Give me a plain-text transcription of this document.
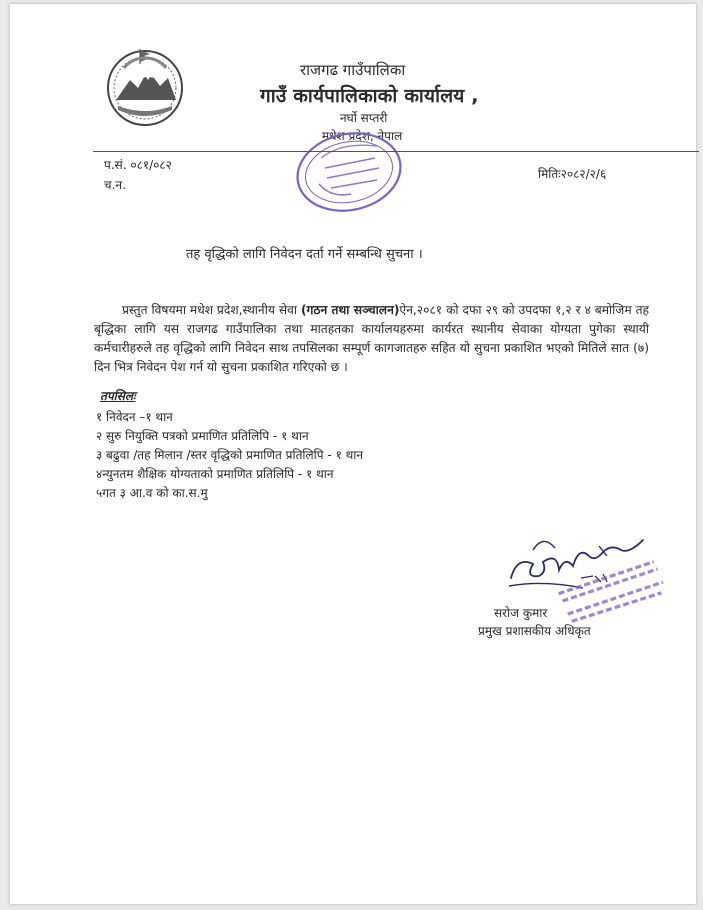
राजगढ गाउँपालिका
गाउँ कार्यपालिकाको कार्यालय ,
नर्घो सप्तरी
मधेश प्रदेश, नेपाल
प.सं. ०८१/०८२
च.न.
मितिः२०८२/२/६
तह वृद्धिको लागि निवेदन दर्ता गर्ने सम्बन्धि सुचना ।
प्रस्तुत विषयमा मधेश प्रदेश,स्थानीय सेवा (गठन तथा सञ्चालन)ऐन,२०८१ को दफा २९ को उपदफा १,२ र ४ बमोजिम तह बृद्धिका लागि यस राजगढ गाउँपालिका तथा मातहतका कार्यालयहरुमा कार्यरत स्थानीय सेवाका योग्यता पुगेका स्थायी कर्मचारीहरुले तह वृद्धिको लागि निवेदन साथ तपसिलका सम्पूर्ण कागजातहरु सहित यो सुचना प्रकाशित भएको मितिले सात (७) दिन भित्र निवेदन पेश गर्न यो सुचना प्रकाशित गरिएको छ ।
तपसिलः
१ निवेदन –१ थान
२ सुरु नियुक्ति पत्रको प्रमाणित प्रतिलिपि - १ थान
३ बढुवा /तह मिलान /स्तर वृद्धिको प्रमाणित प्रतिलिपि - १ थान
४न्युनतम शैक्षिक योग्यताको प्रमाणित प्रतिलिपि - १ थान
५गत ३ आ.व को का.स.मु
सरोज कुमार
प्रमुख प्रशासकीय अधिकृत
